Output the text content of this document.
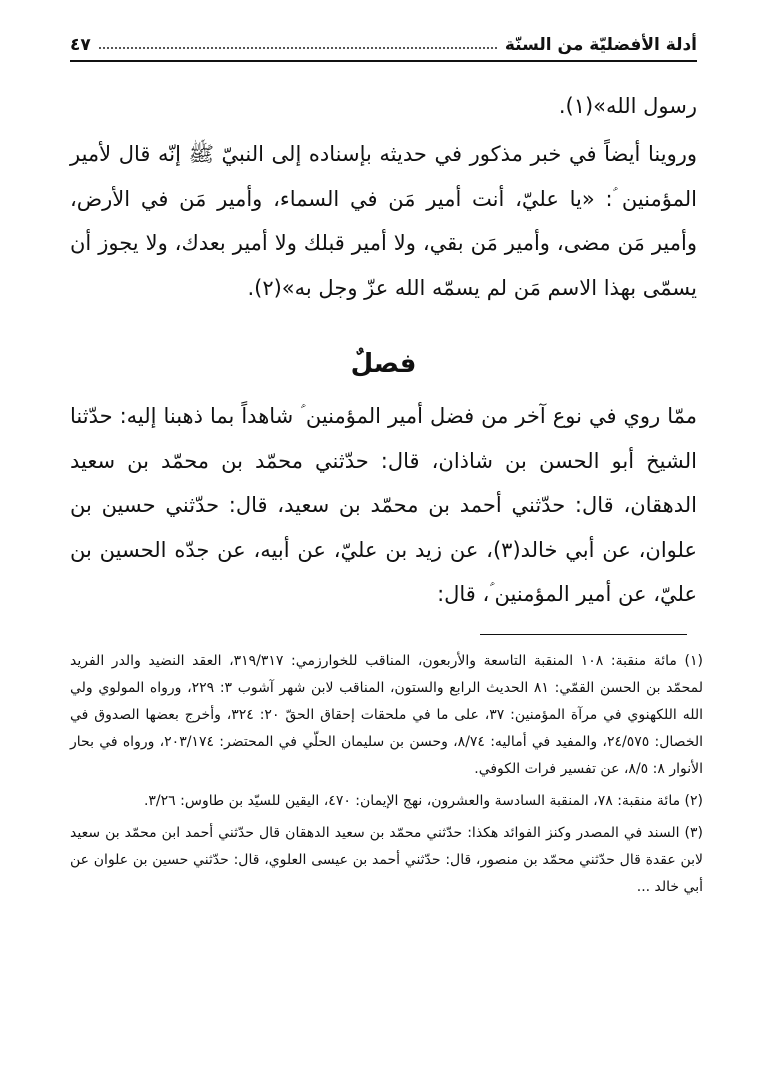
أدلة الأفضليّة من السنّة
٤٧

رسول الله»(١).

وروينا أيضاً في خبر مذكور في حديثه بإسناده إلى النبيّ ﷺ إنّه قال لأمير المؤمنين ؑ: «يا عليّ، أنت أمير مَن في السماء، وأمير مَن في الأرض، وأمير مَن مضى، وأمير مَن بقي، ولا أمير قبلك ولا أمير بعدك، ولا يجوز أن يسمّى بهذا الاسم مَن لم يسمّه الله عزّ وجل به»(٢).

فصلٌ

ممّا روي في نوع آخر من فضل أمير المؤمنين ؑ شاهداً بما ذهبنا إليه: حدّثنا الشيخ أبو الحسن بن شاذان، قال: حدّثني محمّد بن محمّد بن سعيد الدهقان، قال: حدّثني أحمد بن محمّد بن سعيد، قال: حدّثني حسين بن علوان، عن أبي خالد(٣)، عن زيد بن عليّ، عن أبيه، عن جدّه الحسين بن عليّ، عن أمير المؤمنين ؑ، قال:

(١) مائة منقبة: ١٠٨ المنقبة التاسعة والأربعون، المناقب للخوارزمي: ٣١٩/٣١٧، العقد النضيد والدر الفريد لمحمّد بن الحسن القمّي: ٨١ الحديث الرابع والستون، المناقب لابن شهر آشوب ٣: ٢٢٩، ورواه المولوي ولي الله اللكهنوي في مرآة المؤمنين: ٣٧، على ما في ملحقات إحقاق الحقّ ٢٠: ٣٢٤، وأخرج بعضها الصدوق في الخصال: ٢٤/٥٧٥، والمفيد في أماليه: ٨/٧٤، وحسن بن سليمان الحلّي في المحتضر: ٢٠٣/١٧٤، ورواه في بحار الأنوار ٨: ٨/٥، عن تفسير فرات الكوفي.

(٢) مائة منقبة: ٧٨، المنقبة السادسة والعشرون، نهج الإيمان: ٤٧٠، اليقين للسيّد بن طاوس: ٣/٢٦.

(٣) السند في المصدر وكنز الفوائد هكذا: حدّثني محمّد بن سعيد الدهقان قال حدّثني أحمد ابن محمّد بن سعيد لابن عقدة قال حدّثني محمّد بن منصور، قال: حدّثني أحمد بن عيسى العلوي، قال: حدّثني حسين بن علوان عن أبي خالد ...
